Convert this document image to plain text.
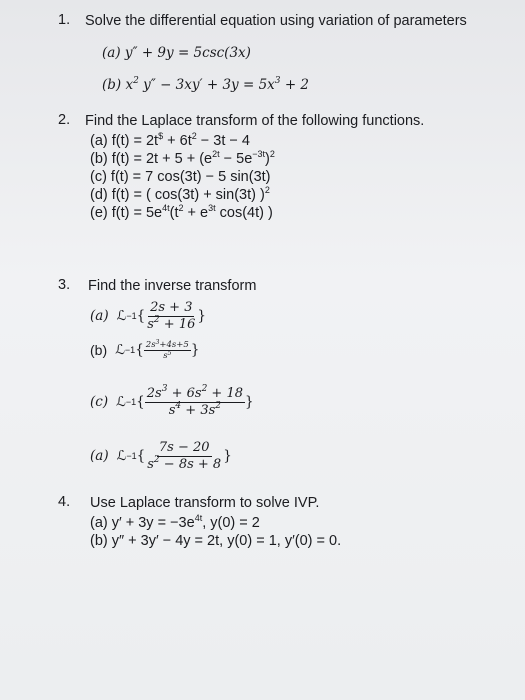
1. Solve the differential equation using variation of parameters
(a) y″ + 9y = 5csc(3x)
(b) $x^2$ $y'' - 3xy' + 3y = 5x^3 + 2$
2. Find the Laplace transform of the following functions.
(a) $f(t) = 2t^{\$} + 6t^2 - 3t - 4$
(b) $f(t) = 2t + 5 + (e^{2t} - 5e^{-3t})^2$
(c) f(t) = 7 cos(3t) − 5 sin(3t)
(d) f(t) = ( cos(3t) + sin(3t) )$^2$
(e) $f(t) = 5e^{4t}(t^2 + e^{3t}$ cos(4t) )
3. Find the inverse transform
(a)
ℒ −1 { $\frac{2s + 3}{s^2 + 16}$ }
(b)
ℒ −1 { $\frac{2s^3+4s+5}{s^5}$ }
(c)
ℒ −1 { $\frac{2s^3 + 6s^2 + 18}{s^4 + 3s^2}$ }
(a)
ℒ −1 { $\frac{7s - 20}{s^2 - 8s + 8}$ }
4. Use Laplace transform to solve IVP.
(a) $y' + 3y = -3e^{4t}$, y(0) = 2
(b) y″ + 3y′ − 4y = 2t, y(0) = 1, y′(0) = 0.
